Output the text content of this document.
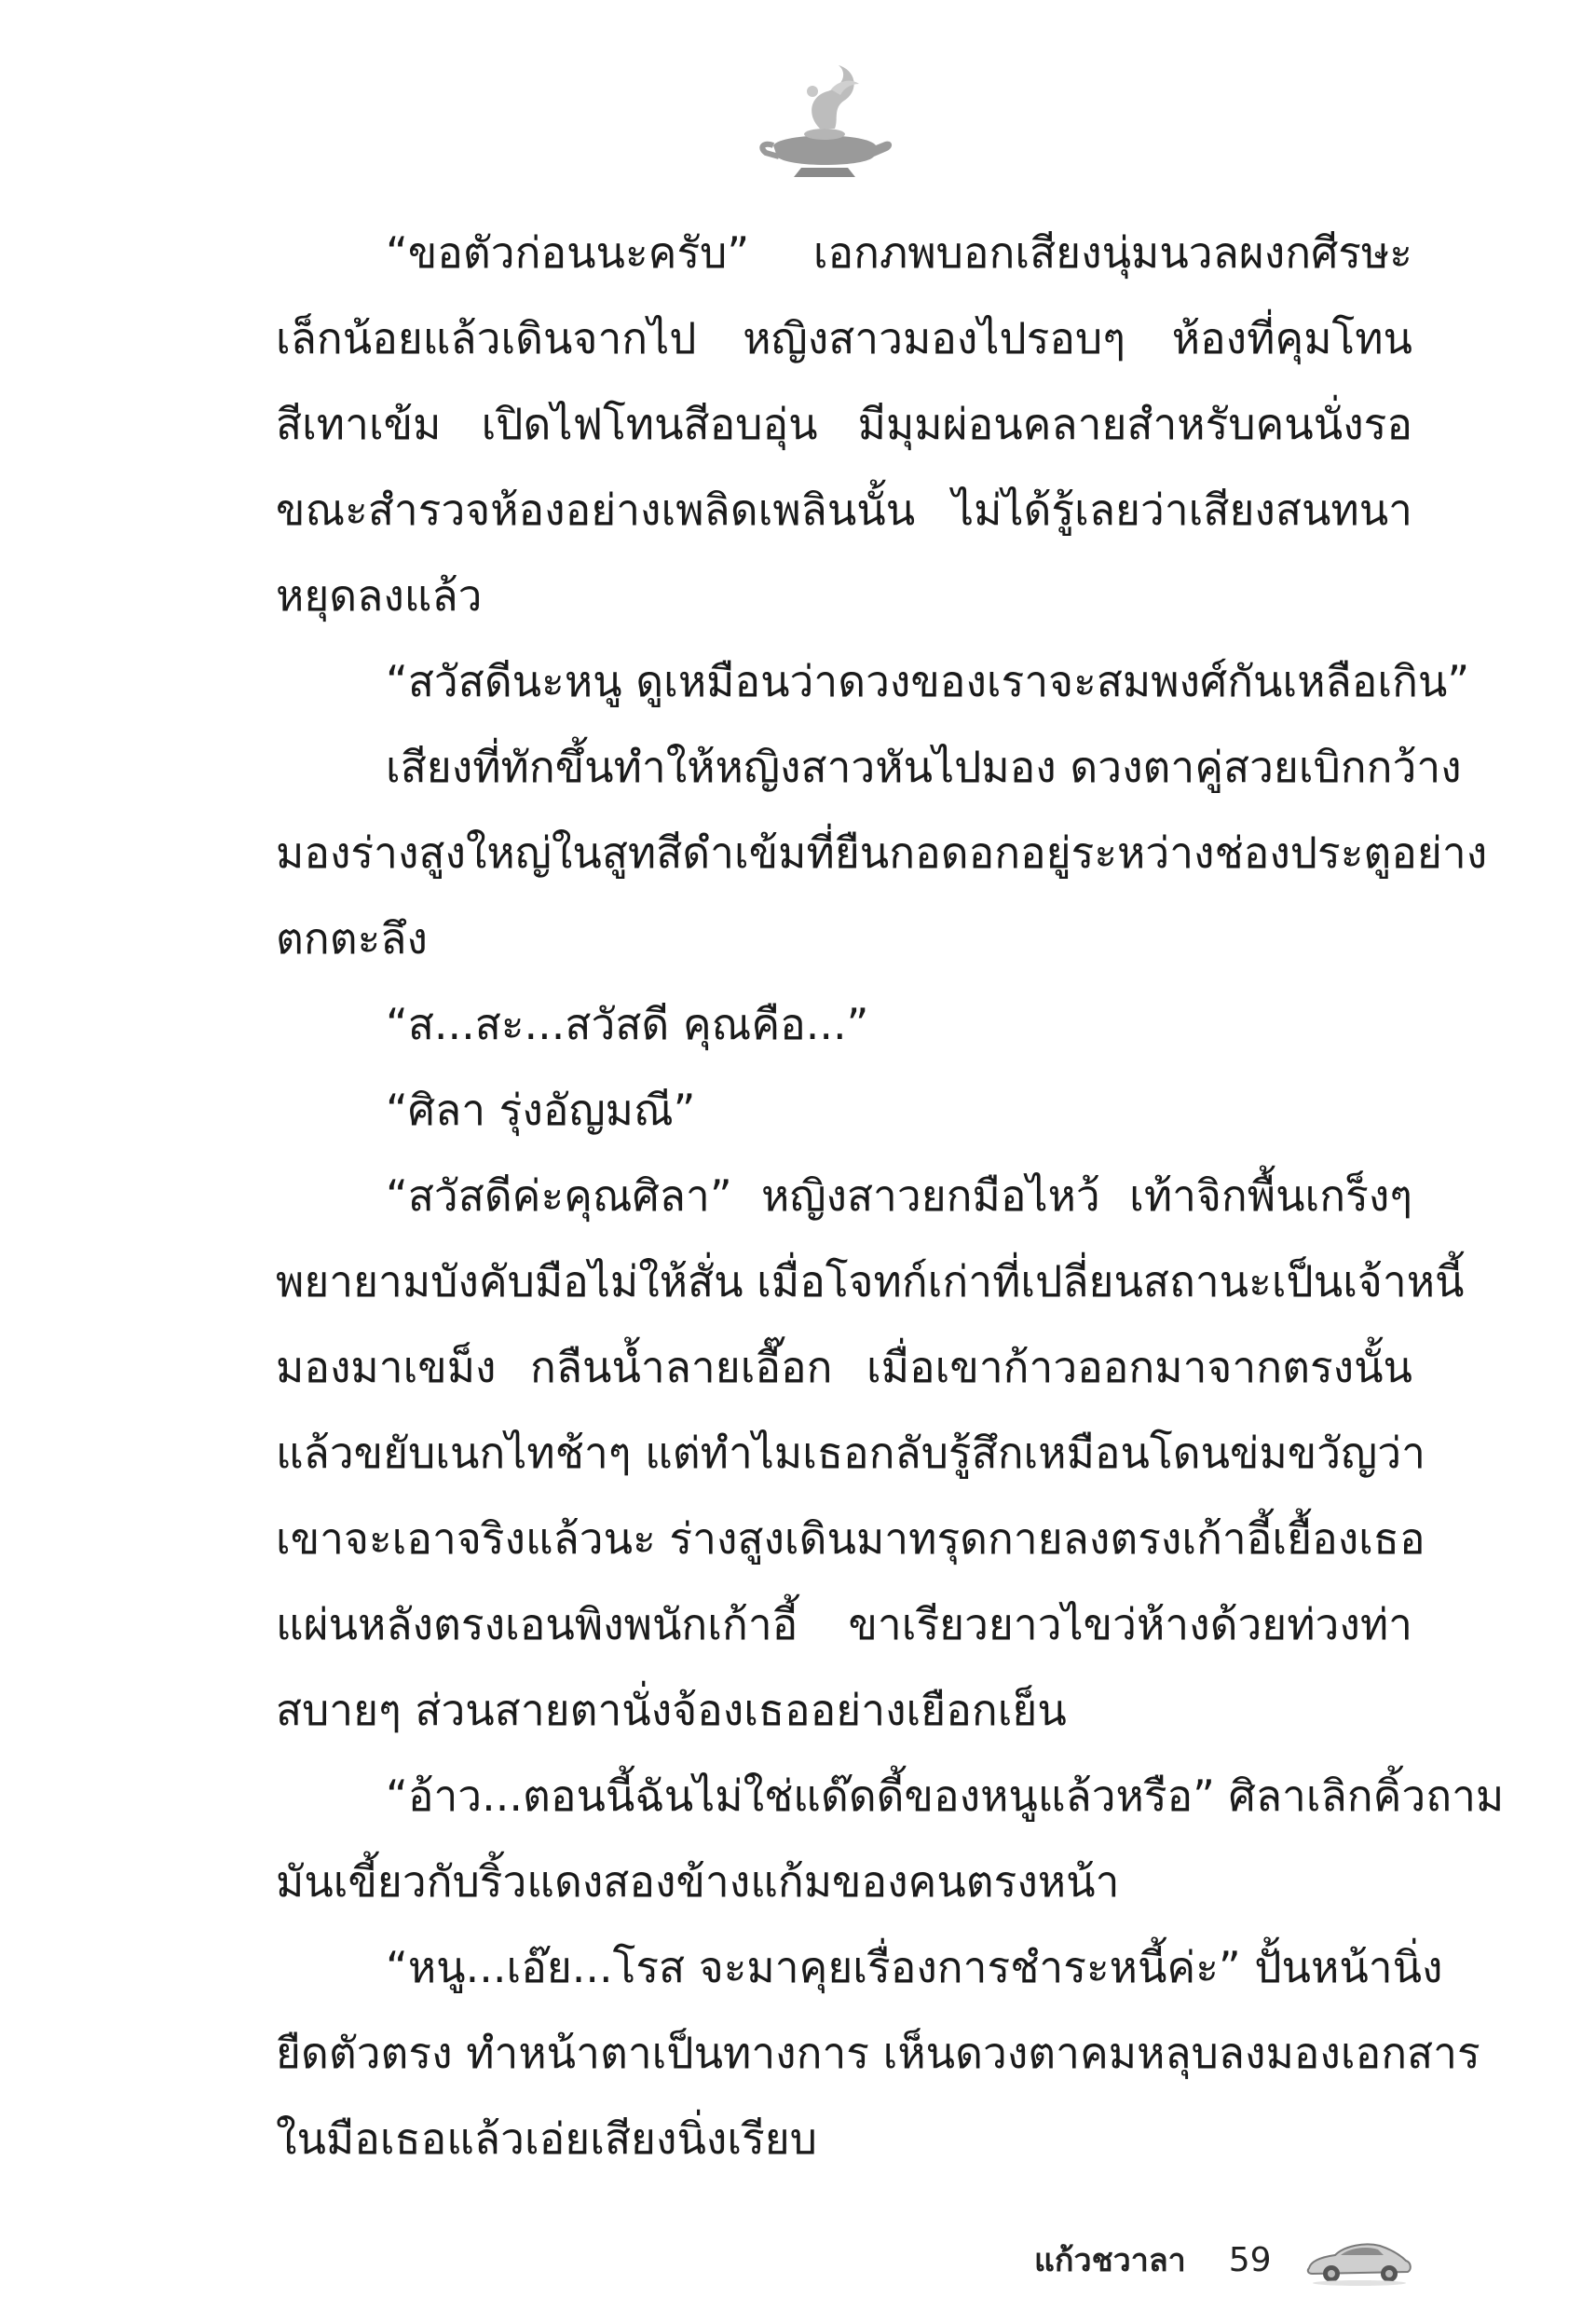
“ขอตัวก่อนนะครับ” เอกภพบอกเสียงนุ่มนวลผงกศีรษะ
เล็กน้อยแล้วเดินจากไป หญิงสาวมองไปรอบๆ ห้องที่คุมโทน
สีเทาเข้ม เปิดไฟโทนสีอบอุ่น มีมุมผ่อนคลายสำหรับคนนั่งรอ
ขณะสำรวจห้องอย่างเพลิดเพลินนั้น ไม่ได้รู้เลยว่าเสียงสนทนา
หยุดลงแล้ว
“สวัสดีนะหนู ดูเหมือนว่าดวงของเราจะสมพงศ์กันเหลือเกิน”
เสียงที่ทักขึ้นทำให้หญิงสาวหันไปมอง ดวงตาคู่สวยเบิกกว้าง
มองร่างสูงใหญ่ในสูทสีดำเข้มที่ยืนกอดอกอยู่ระหว่างช่องประตูอย่าง
ตกตะลึง
“ส...สะ...สวัสดี คุณคือ...”
“ศิลา รุ่งอัญมณี”
“สวัสดีค่ะคุณศิลา” หญิงสาวยกมือไหว้ เท้าจิกพื้นเกร็งๆ
พยายามบังคับมือไม่ให้สั่น เมื่อโจทก์เก่าที่เปลี่ยนสถานะเป็นเจ้าหนี้
มองมาเขม็ง กลืนน้ำลายเอื๊อก เมื่อเขาก้าวออกมาจากตรงนั้น
แล้วขยับเนกไทช้าๆ แต่ทำไมเธอกลับรู้สึกเหมือนโดนข่มขวัญว่า
เขาจะเอาจริงแล้วนะ ร่างสูงเดินมาทรุดกายลงตรงเก้าอี้เยื้องเธอ
แผ่นหลังตรงเอนพิงพนักเก้าอี้ ขาเรียวยาวไขว่ห้างด้วยท่วงท่า
สบายๆ ส่วนสายตานั่งจ้องเธออย่างเยือกเย็น
“อ้าว...ตอนนี้ฉันไม่ใช่แด๊ดดี้ของหนูแล้วหรือ” ศิลาเลิกคิ้วถาม
มันเขี้ยวกับริ้วแดงสองข้างแก้มของคนตรงหน้า
“หนู...เอ๊ย...โรส จะมาคุยเรื่องการชำระหนี้ค่ะ” ปั้นหน้านิ่ง
ยืดตัวตรง ทำหน้าตาเป็นทางการ เห็นดวงตาคมหลุบลงมองเอกสาร
ในมือเธอแล้วเอ่ยเสียงนิ่งเรียบ
แก้วชวาลา 59
